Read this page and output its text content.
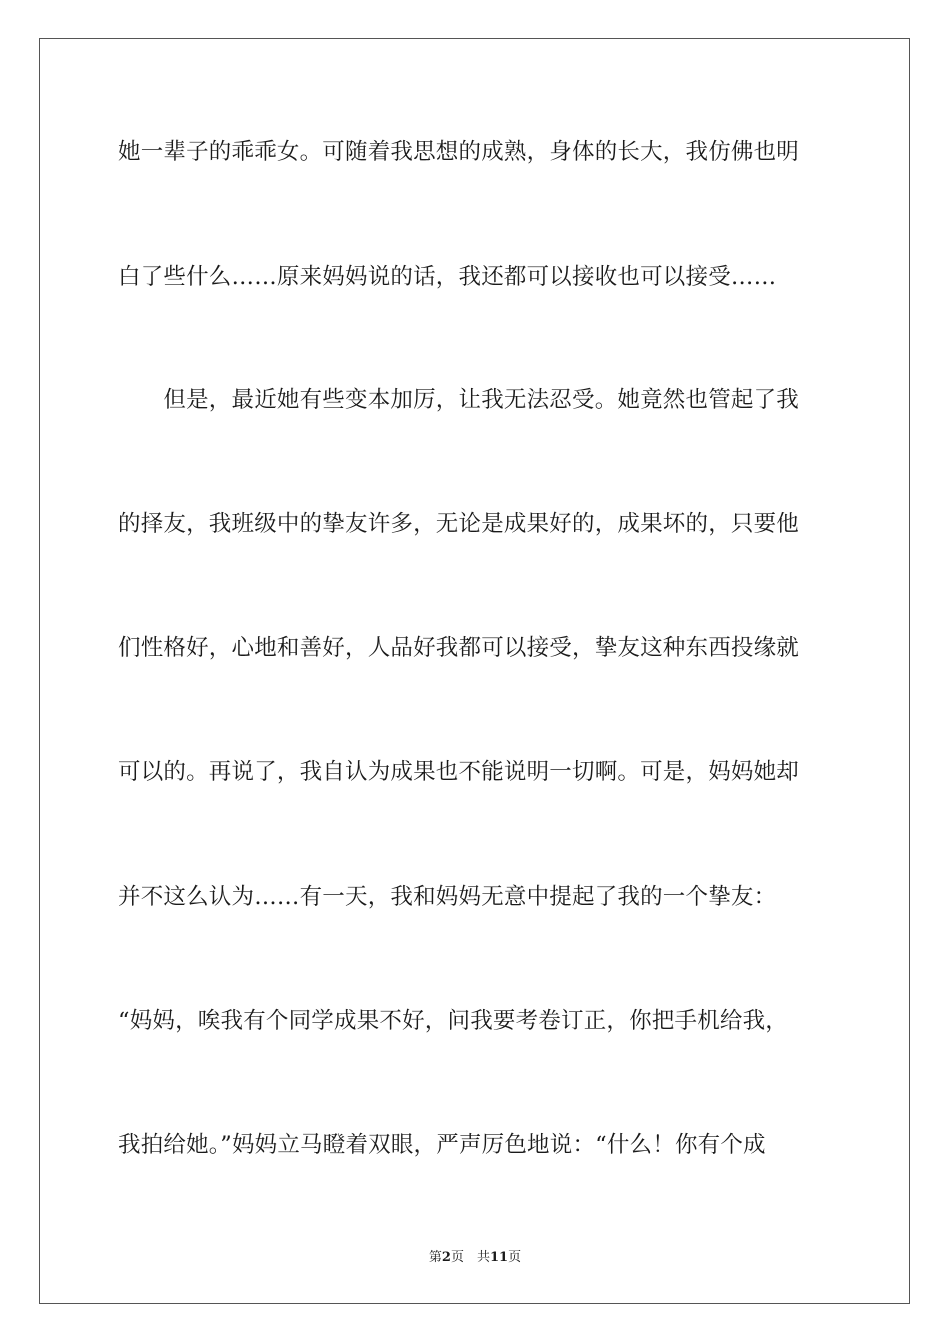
她一辈子的乖乖女。可随着我思想的成熟，身体的长大，我仿佛也明
白了些什么……原来妈妈说的话，我还都可以接收也可以接受……
　　但是，最近她有些变本加厉，让我无法忍受。她竟然也管起了我
的择友，我班级中的挚友许多，无论是成果好的，成果坏的，只要他
们性格好，心地和善好，人品好我都可以接受，挚友这种东西投缘就
可以的。再说了，我自认为成果也不能说明一切啊。可是，妈妈她却
并不这么认为……有一天，我和妈妈无意中提起了我的一个挚友：
“妈妈，唉我有个同学成果不好，问我要考卷订正，你把手机给我，
我拍给她。”妈妈立马瞪着双眼，严声厉色地说：“什么！你有个成
第2页　共11页
